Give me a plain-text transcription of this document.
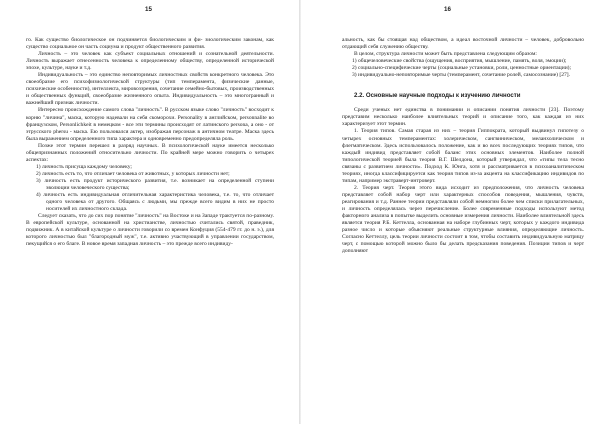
15

го. Как существо биологическое он подчиняется биологическим и фи- зиологическим законам, как существо социальное он часть социума и продукт общественного развития.

Личность – это человек как субъект социальных отношений и сознательной деятельности. Личность выражает отнесенность человека к определенному обществу, определенной исторической эпохе, культуре, науке и т.д.

Индивидуальность – это единство неповторимых личностных свойств конкретного человека. Это своеобразие его психофизиологической структуры (тип темперамента, физические данные, психические особенности), интеллекта, мировоззрения, сочетание семейно-бытовых, производственных и общественных функций, своеобразие жизненного опыта. Индивидуальность – это многогранный и важнейший признак личности.

Интересно происхождение самого слова "личность". В русском языке слово "личность" восходит к корню "личина", маска, которую надевали на себя скоморохи. Personality в английском, personnalite во французском, Personlichkeit в немецком - все эти термины происходят от латинского persona, а оно - от этрусского phersu - маска. Ею пользовался актер, изображая персонаж в античном театре. Маска здесь была выражением определенного типа характера и одновременно предопределяла роль.

Позже этот термин перешел в разряд научных. В психологической науке имеется несколько общепризнанных положений относительно личности. По крайней мере можно говорить о четырех аспектах:

1) личность присуща каждому человеку;
2) личность есть то, что отличает человека от животных, у которых личности нет;
3) личность есть продукт исторического развития, т.е. возникает на определенной ступени эволюции человеческого существа;
4) личность есть индивидуальная отличительная характеристика человека, т.е. то, что отличает одного человека от другого. Общаясь с людьми, мы прежде всего видим в них не просто носителей их личностного склада.

Следует сказать, что до сих пор понятие "личность" на Востоке и на Западе трактуется по-разному. В европейской культуре, основанной на христианстве, личностью считались святой, праведник, подвижник. А в китайской культуре о личности говорили со времен Конфуция (554-479 гг. до н. э.), для которого личностью был "благородный муж", т.е. активно участвующий в управлении государством, пекущийся о его благе. В новое время западная личность – это прежде всего индивиду-

16

альность, как бы стоящая над обществом, а идеал восточной личности – человек, добровольно отдающий себя служению обществу.

В целом, структура личности может быть представлена следующим образом:

1) общечеловеческие свойства (ощущения, восприятия, мышление, память, воля, эмоции);
2) социально-специфические черты (социальные установки, роли, ценностные ориентации);
3) индивидуально-неповторимые черты (темперамент, сочетание ролей, самосознание) [27].
2.2. Основные научные подходы к изучению личности

Среди ученых нет единства в понимании и описании понятия личности [23]. Поэтому представим несколько наиболее влиятельных теорий и описание того, как каждая из них характеризует этот термин.

1. Теория типов. Самая старая из них – теория Гиппократа, который выдвинул гипотезу о четырех основных темпераментах: холерическом, сангвиническом, меланхолическом и флегматическом. Здесь использовалось положение, как и во всех последующих теориях типов, что каждый индивид представляет собой баланс этих основных элементов. Наиболее полной типологической теорией была теория В.Г. Шелдона, который утверждал, что «типы тела тесно связаны с развитием личности». Подход К. Юнга, хотя и рассматривается в психоаналитическом теориях, иногда классифицируется как теория типов из-за акцента на классификацию индивидов по типам, например экстраверт-интроверт.

2. Теория черт. Теория этого вида исходит из предположения, что личность человека представляет собой набор черт или характерных способов поведения, мышления, чувств, реагирования и т.д. Раннее теории представляли собой немногим более чем списки прилагательных, и личность определялась через перечисление. Более современные подходы используют метод факторного анализа в попытке выделить основные измерения личности. Наиболее влиятельной здесь является теория Р.Б. Кеттелла, основанная на наборе глубинных черт, которых у каждого индивида разное число и которые объясняют реальные структурные влияния, определяющие личность. Согласно Кеттеллу, цель теории личности состоит в том, чтобы составить индивидуальную матрицу черт, с помощью которой можно было бы делать предсказания поведения. Позиции типов и черт дополняют
